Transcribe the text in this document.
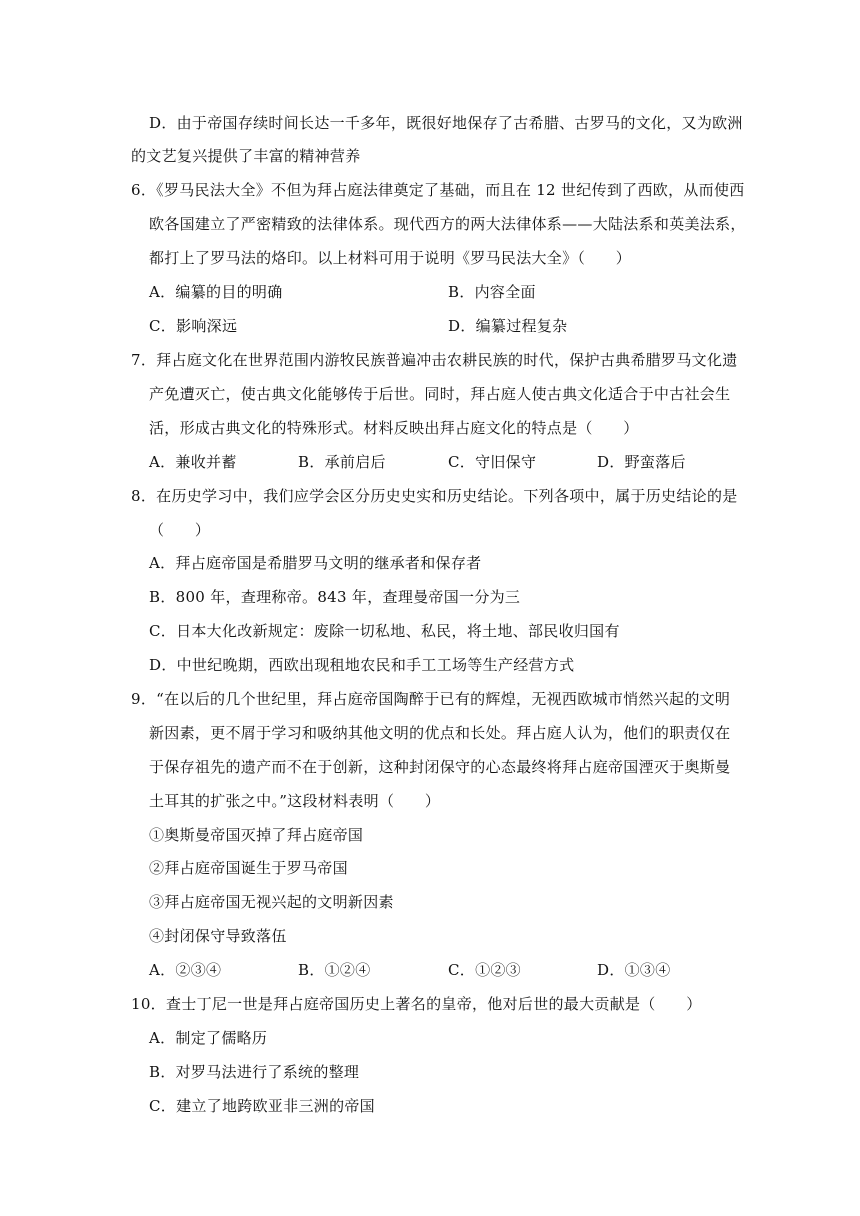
D．由于帝国存续时间长达一千多年，既很好地保存了古希腊、古罗马的文化，又为欧洲
的文艺复兴提供了丰富的精神营养
6．《罗马民法大全》不但为拜占庭法律奠定了基础，而且在 12 世纪传到了西欧，从而使西
欧各国建立了严密精致的法律体系。现代西方的两大法律体系——大陆法系和英美法系，
都打上了罗马法的烙印。以上材料可用于说明《罗马民法大全》（　　）
A．编纂的目的明确	B．内容全面
C．影响深远	D．编纂过程复杂
7．拜占庭文化在世界范围内游牧民族普遍冲击农耕民族的时代，保护古典希腊罗马文化遗
产免遭灭亡，使古典文化能够传于后世。同时，拜占庭人使古典文化适合于中古社会生
活，形成古典文化的特殊形式。材料反映出拜占庭文化的特点是（　　）
A．兼收并蓄	B．承前启后	C．守旧保守	D．野蛮落后
8．在历史学习中，我们应学会区分历史史实和历史结论。下列各项中，属于历史结论的是
（　　）
A．拜占庭帝国是希腊罗马文明的继承者和保存者
B．800 年，查理称帝。843 年，查理曼帝国一分为三
C．日本大化改新规定：废除一切私地、私民，将土地、部民收归国有
D．中世纪晚期，西欧出现租地农民和手工工场等生产经营方式
9．“在以后的几个世纪里，拜占庭帝国陶醉于已有的辉煌，无视西欧城市悄然兴起的文明
新因素，更不屑于学习和吸纳其他文明的优点和长处。拜占庭人认为，他们的职责仅在
于保存祖先的遗产而不在于创新，这种封闭保守的心态最终将拜占庭帝国湮灭于奥斯曼
土耳其的扩张之中。”这段材料表明（　　）
①奥斯曼帝国灭掉了拜占庭帝国
②拜占庭帝国诞生于罗马帝国
③拜占庭帝国无视兴起的文明新因素
④封闭保守导致落伍
A．②③④	B．①②④	C．①②③	D．①③④
10．查士丁尼一世是拜占庭帝国历史上著名的皇帝，他对后世的最大贡献是（　　）
A．制定了儒略历
B．对罗马法进行了系统的整理
C．建立了地跨欧亚非三洲的帝国
